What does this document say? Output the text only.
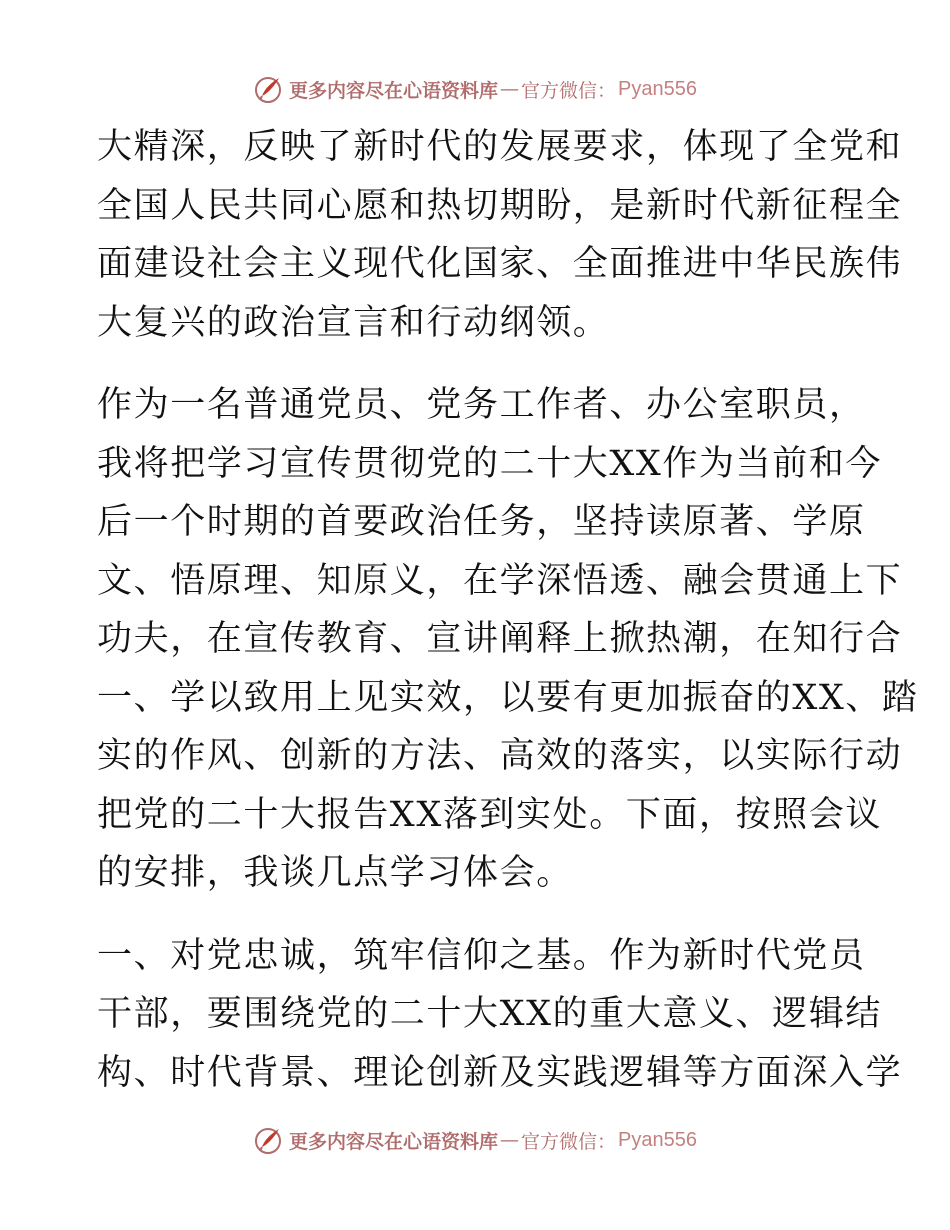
更多内容尽在心语资料库 — 官方微信： Pyan556

大精深，反映了新时代的发展要求，体现了全党和
全国人民共同心愿和热切期盼，是新时代新征程全
面建设社会主义现代化国家、全面推进中华民族伟
大复兴的政治宣言和行动纲领。

作为一名普通党员、党务工作者、办公室职员，
我将把学习宣传贯彻党的二十大XX作为当前和今
后一个时期的首要政治任务，坚持读原著、学原
文、悟原理、知原义，在学深悟透、融会贯通上下
功夫，在宣传教育、宣讲阐释上掀热潮，在知行合
一、学以致用上见实效，以要有更加振奋的XX、踏
实的作风、创新的方法、高效的落实，以实际行动
把党的二十大报告XX落到实处。下面，按照会议
的安排，我谈几点学习体会。

一、对党忠诚，筑牢信仰之基。作为新时代党员
干部，要围绕党的二十大XX的重大意义、逻辑结
构、时代背景、理论创新及实践逻辑等方面深入学

更多内容尽在心语资料库 — 官方微信： Pyan556
